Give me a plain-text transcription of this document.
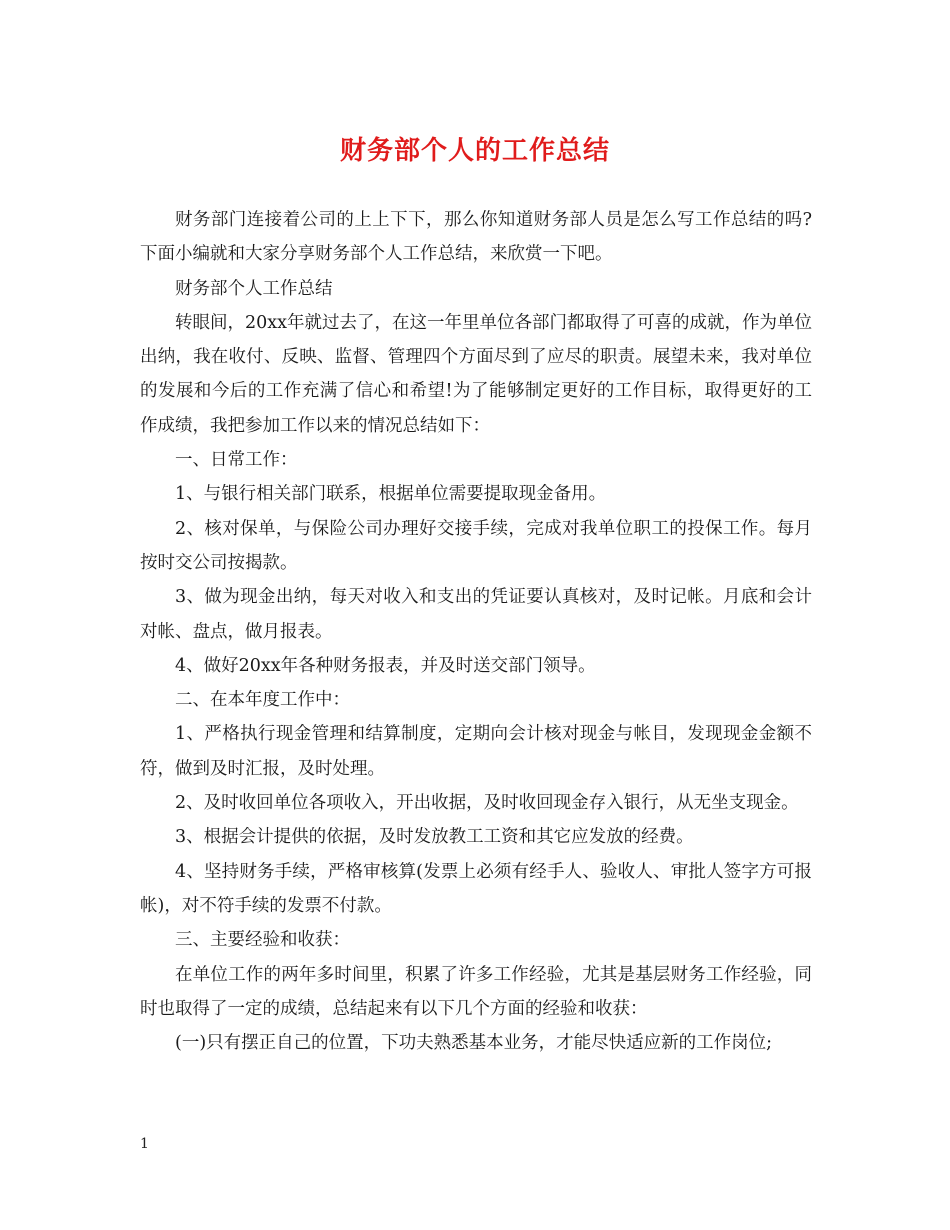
财务部个人的工作总结

财务部门连接着公司的上上下下，那么你知道财务部人员是怎么写工作总结的吗?下面小编就和大家分享财务部个人工作总结，来欣赏一下吧。

财务部个人工作总结

转眼间，20xx年就过去了，在这一年里单位各部门都取得了可喜的成就，作为单位出纳，我在收付、反映、监督、管理四个方面尽到了应尽的职责。展望未来，我对单位的发展和今后的工作充满了信心和希望!为了能够制定更好的工作目标，取得更好的工作成绩，我把参加工作以来的情况总结如下：

一、日常工作：

1、与银行相关部门联系，根据单位需要提取现金备用。

2、核对保单，与保险公司办理好交接手续，完成对我单位职工的投保工作。每月按时交公司按揭款。

3、做为现金出纳，每天对收入和支出的凭证要认真核对，及时记帐。月底和会计对帐、盘点，做月报表。

4、做好20xx年各种财务报表，并及时送交部门领导。

二、在本年度工作中：

1、严格执行现金管理和结算制度，定期向会计核对现金与帐目，发现现金金额不符，做到及时汇报，及时处理。

2、及时收回单位各项收入，开出收据，及时收回现金存入银行，从无坐支现金。

3、根据会计提供的依据，及时发放教工工资和其它应发放的经费。

4、坚持财务手续，严格审核算(发票上必须有经手人、验收人、审批人签字方可报帐)，对不符手续的发票不付款。

三、主要经验和收获：

在单位工作的两年多时间里，积累了许多工作经验，尤其是基层财务工作经验，同时也取得了一定的成绩，总结起来有以下几个方面的经验和收获：

(一)只有摆正自己的位置，下功夫熟悉基本业务，才能尽快适应新的工作岗位;

1
